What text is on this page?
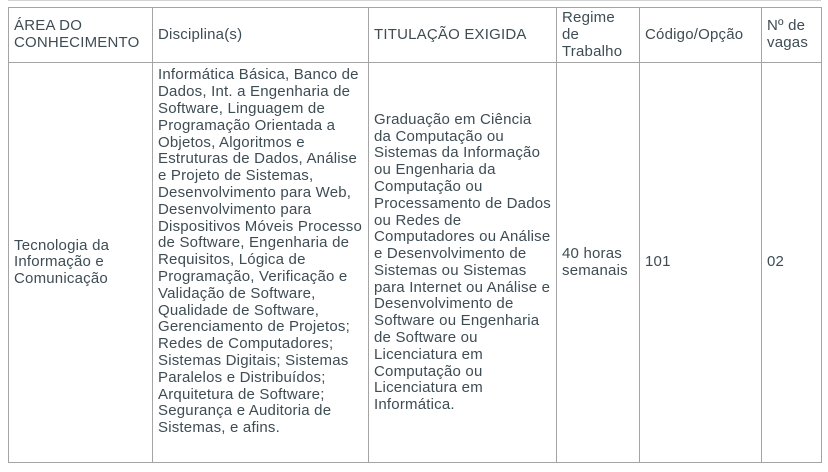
ÁREA DO CONHECIMENTO	Disciplina(s)	TITULAÇÃO EXIGIDA	Regime de Trabalho	Código/Opção	Nº de vagas
Tecnologia da Informação e Comunicação	Informática Básica, Banco de Dados, Int. a Engenharia de Software, Linguagem de Programação Orientada a Objetos, Algoritmos e Estruturas de Dados, Análise e Projeto de Sistemas, Desenvolvimento para Web, Desenvolvimento para Dispositivos Móveis Processo de Software, Engenharia de Requisitos, Lógica de Programação, Verificação e Validação de Software, Qualidade de Software, Gerenciamento de Projetos; Redes de Computadores; Sistemas Digitais; Sistemas Paralelos e Distribuídos; Arquitetura de Software; Segurança e Auditoria de Sistemas, e afins.	Graduação em Ciência da Computação ou Sistemas da Informação ou Engenharia da Computação ou Processamento de Dados ou Redes de Computadores ou Análise e Desenvolvimento de Sistemas ou Sistemas para Internet ou Análise e Desenvolvimento de Software ou Engenharia de Software ou Licenciatura em Computação ou Licenciatura em Informática.	40 horas semanais	101	02
